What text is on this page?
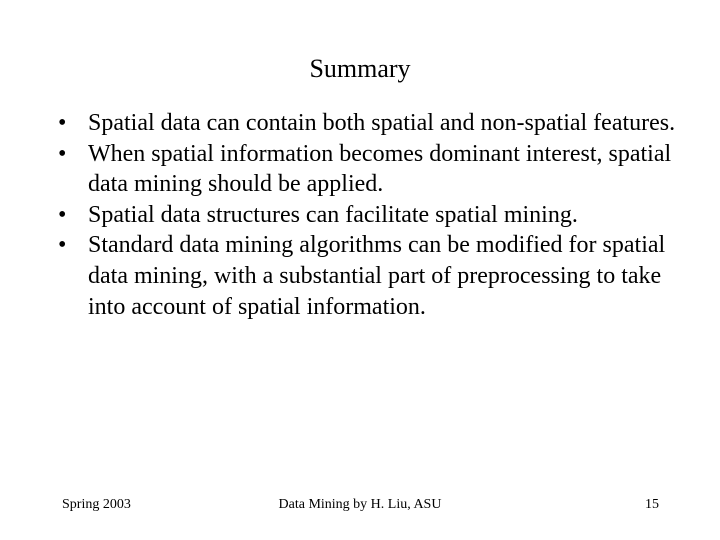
Summary
• Spatial data can contain both spatial and non-spatial features.
• When spatial information becomes dominant interest, spatial data mining should be applied.
• Spatial data structures can facilitate spatial mining.
• Standard data mining algorithms can be modified for spatial data mining, with a substantial part of preprocessing to take into account of spatial information.
Spring 2003	Data Mining by H. Liu, ASU	15
